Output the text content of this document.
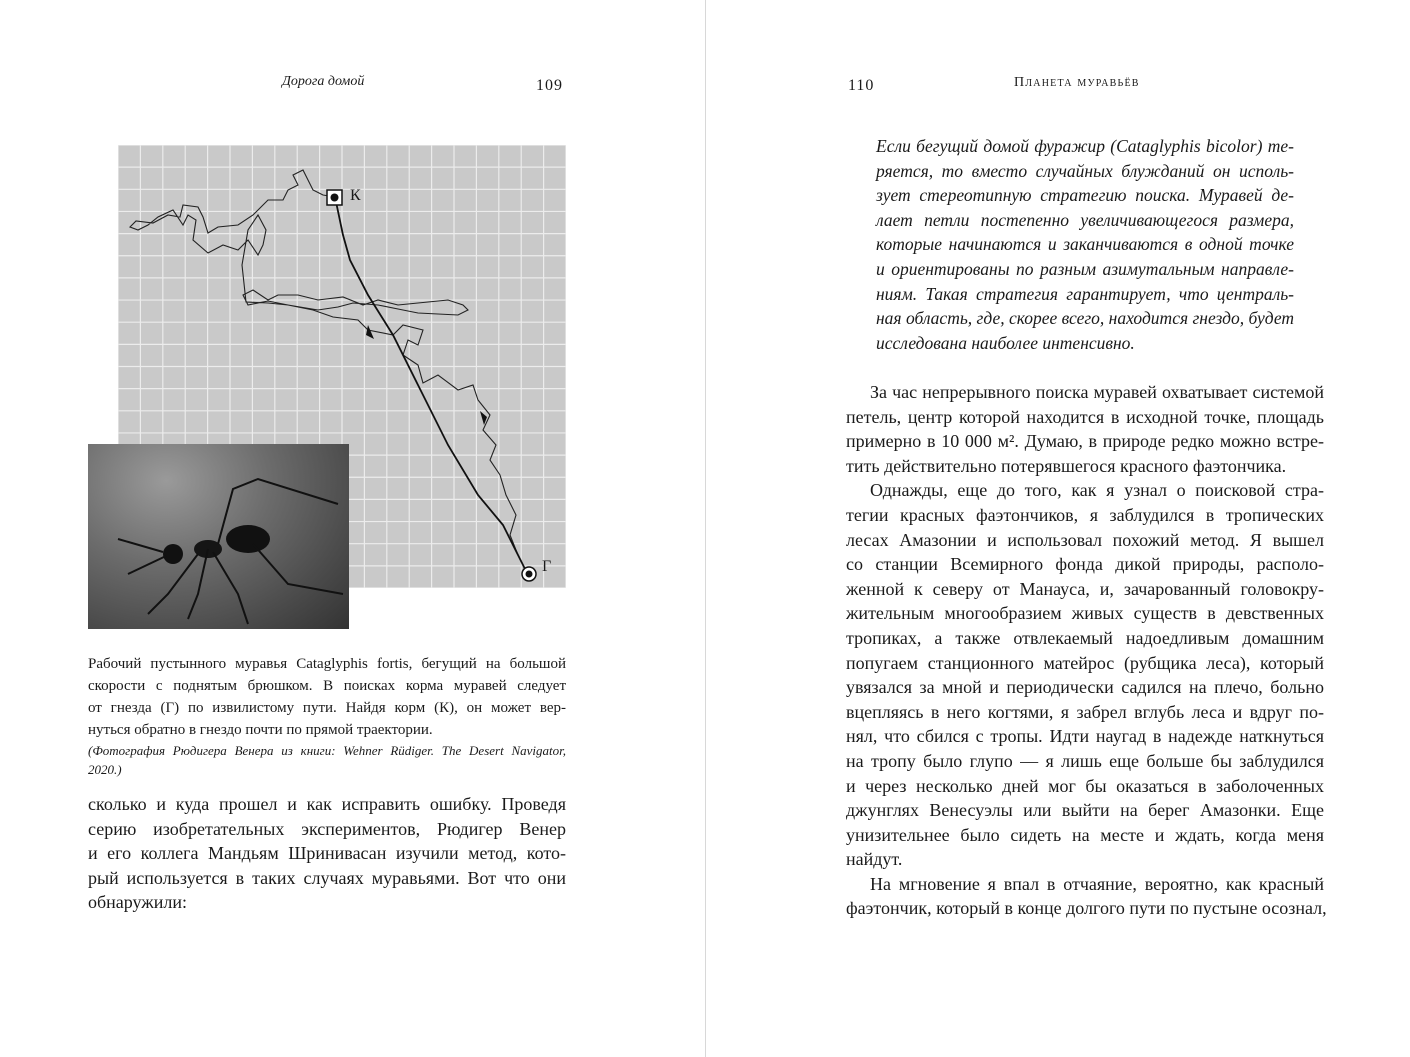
Дорога домой	109
К
Г
Рабочий пустынного муравья Cataglyphis fortis, бегущий на большой
скорости с поднятым брюшком. В поисках корма муравей следует
от гнезда (Г) по извилистому пути. Найдя корм (К), он может вер-
нуться обратно в гнездо почти по прямой траектории.
(Фотография Рюдигера Венера из книги: Wehner Rüdiger. The Desert Navigator,
2020.)
сколько и куда прошел и как исправить ошибку. Проведя
серию изобретательных экспериментов, Рюдигер Венер
и его коллега Мандьям Шринивасан изучили метод, кото-
рый используется в таких случаях муравьями. Вот что они
обнаружили:
110	Планета муравьёв
Если бегущий домой фуражир (Cataglyphis bicolor) те-
ряется, то вместо случайных блужданий он исполь-
зует стереотипную стратегию поиска. Муравей де-
лает петли постепенно увеличивающегося размера,
которые начинаются и заканчиваются в одной точке
и ориентированы по разным азимутальным направле-
ниям. Такая стратегия гарантирует, что централь-
ная область, где, скорее всего, находится гнездо, будет
исследована наиболее интенсивно.
За час непрерывного поиска муравей охватывает системой
петель, центр которой находится в исходной точке, площадь
примерно в 10 000 м². Думаю, в природе редко можно встре-
тить действительно потерявшегося красного фаэтончика.
Однажды, еще до того, как я узнал о поисковой стра-
тегии красных фаэтончиков, я заблудился в тропических
лесах Амазонии и использовал похожий метод. Я вышел
со станции Всемирного фонда дикой природы, располо-
женной к северу от Манауса, и, зачарованный головокру-
жительным многообразием живых существ в девственных
тропиках, а также отвлекаемый надоедливым домашним
попугаем станционного матейрос (рубщика леса), который
увязался за мной и периодически садился на плечо, больно
вцепляясь в него когтями, я забрел вглубь леса и вдруг по-
нял, что сбился с тропы. Идти наугад в надежде наткнуться
на тропу было глупо — я лишь еще больше бы заблудился
и через несколько дней мог бы оказаться в заболоченных
джунглях Венесуэлы или выйти на берег Амазонки. Еще
унизительнее было сидеть на месте и ждать, когда меня
найдут.
На мгновение я впал в отчаяние, вероятно, как красный
фаэтончик, который в конце долгого пути по пустыне осознал,
